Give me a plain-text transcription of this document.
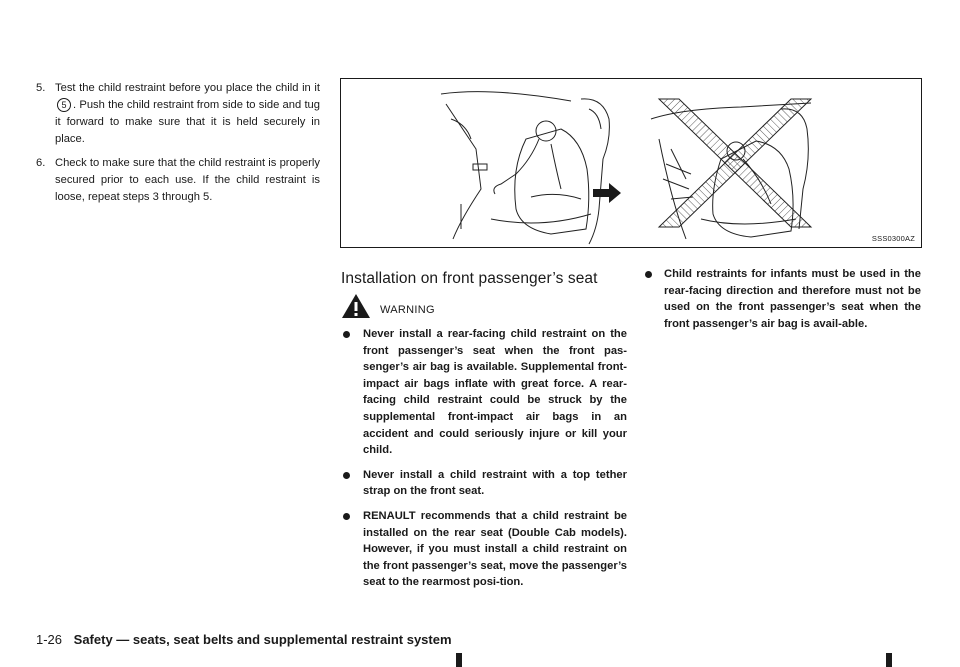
5. Test the child restraint before you place the child in it 5 . Push the child restraint from side to side and tug it forward to make sure that it is held securely in place.
6. Check to make sure that the child restraint is properly secured prior to each use. If the child restraint is loose, repeat steps 3 through 5.
SSS0300AZ
Installation on front passenger’s seat
WARNING
Never install a rear-facing child restraint on the front passenger’s seat when the front pas-senger’s air bag is available. Supplemental front-impact air bags inflate with great force. A rear-facing child restraint could be struck by the supplemental front-impact air bags in an accident and could seriously injure or kill your child.
Never install a child restraint with a top tether strap on the front seat.
RENAULT recommends that a child restraint be installed on the rear seat (Double Cab models). However, if you must install a child restraint on the front passenger’s seat, move the passenger’s seat to the rearmost posi-tion.
Child restraints for infants must be used in the rear-facing direction and therefore must not be used on the front passenger’s seat when the front passenger’s air bag is avail-able.
1-26 Safety — seats, seat belts and supplemental restraint system
